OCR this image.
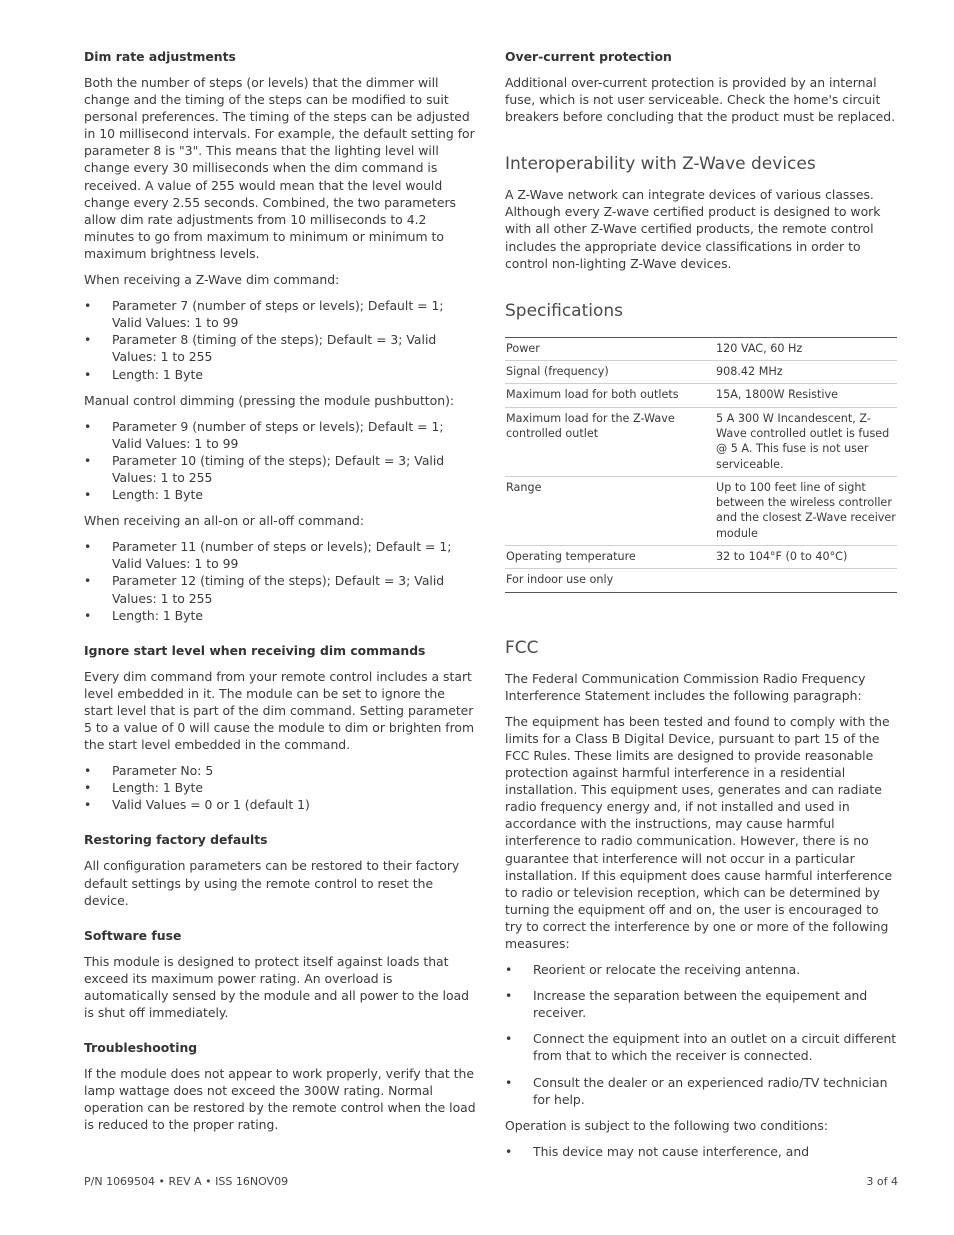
Dim rate adjustments

Both the number of steps (or levels) that the dimmer will change and the timing of the steps can be modified to suit personal preferences. The timing of the steps can be adjusted in 10 millisecond intervals. For example, the default setting for parameter 8 is "3". This means that the lighting level will change every 30 milliseconds when the dim command is received. A value of 255 would mean that the level would change every 2.55 seconds. Combined, the two parameters allow dim rate adjustments from 10 milliseconds to 4.2 minutes to go from maximum to minimum or minimum to maximum brightness levels.

When receiving a Z-Wave dim command:

• Parameter 7 (number of steps or levels); Default = 1; Valid Values: 1 to 99
• Parameter 8 (timing of the steps); Default = 3; Valid Values: 1 to 255
• Length: 1 Byte

Manual control dimming (pressing the module pushbutton):

• Parameter 9 (number of steps or levels); Default = 1; Valid Values: 1 to 99
• Parameter 10 (timing of the steps); Default = 3; Valid Values: 1 to 255
• Length: 1 Byte

When receiving an all-on or all-off command:

• Parameter 11 (number of steps or levels); Default = 1; Valid Values: 1 to 99
• Parameter 12 (timing of the steps); Default = 3; Valid Values: 1 to 255
• Length: 1 Byte
Ignore start level when receiving dim commands

Every dim command from your remote control includes a start level embedded in it. The module can be set to ignore the start level that is part of the dim command. Setting parameter 5 to a value of 0 will cause the module to dim or brighten from the start level embedded in the command.

• Parameter No: 5
• Length: 1 Byte
• Valid Values = 0 or 1 (default 1)
Restoring factory defaults

All configuration parameters can be restored to their factory default settings by using the remote control to reset the device.

Software fuse

This module is designed to protect itself against loads that exceed its maximum power rating. An overload is automatically sensed by the module and all power to the load is shut off immediately.

Troubleshooting

If the module does not appear to work properly, verify that the lamp wattage does not exceed the 300W rating. Normal operation can be restored by the remote control when the load is reduced to the proper rating.

Over-current protection

Additional over-current protection is provided by an internal fuse, which is not user serviceable. Check the home's circuit breakers before concluding that the product must be replaced.

Interoperability with Z-Wave devices

A Z-Wave network can integrate devices of various classes. Although every Z-wave certified product is designed to work with all other Z-Wave certified products, the remote control includes the appropriate device classifications in order to control non-lighting Z-Wave devices.

Specifications
Power	120 VAC, 60 Hz
Signal (frequency)	908.42 MHz
Maximum load for both outlets	15A, 1800W Resistive
Maximum load for the Z-Wave controlled outlet	5 A 300 W Incandescent, Z-Wave controlled outlet is fused @ 5 A. This fuse is not user serviceable.
Range	Up to 100 feet line of sight between the wireless controller and the closest Z-Wave receiver module
Operating temperature	32 to 104°F (0 to 40°C)
For indoor use only	
FCC

The Federal Communication Commission Radio Frequency Interference Statement includes the following paragraph:

The equipment has been tested and found to comply with the limits for a Class B Digital Device, pursuant to part 15 of the FCC Rules. These limits are designed to provide reasonable protection against harmful interference in a residential installation. This equipment uses, generates and can radiate radio frequency energy and, if not installed and used in accordance with the instructions, may cause harmful interference to radio communication. However, there is no guarantee that interference will not occur in a particular installation. If this equipment does cause harmful interference to radio or television reception, which can be determined by turning the equipment off and on, the user is encouraged to try to correct the interference by one or more of the following measures:

• Reorient or relocate the receiving antenna.
• Increase the separation between the equipement and receiver.
• Connect the equipment into an outlet on a circuit different from that to which the receiver is connected.
• Consult the dealer or an experienced radio/TV technician for help.

Operation is subject to the following two conditions:

• This device may not cause interference, and
P/N 1069504 • REV A • ISS 16NOV09	3 of 4
